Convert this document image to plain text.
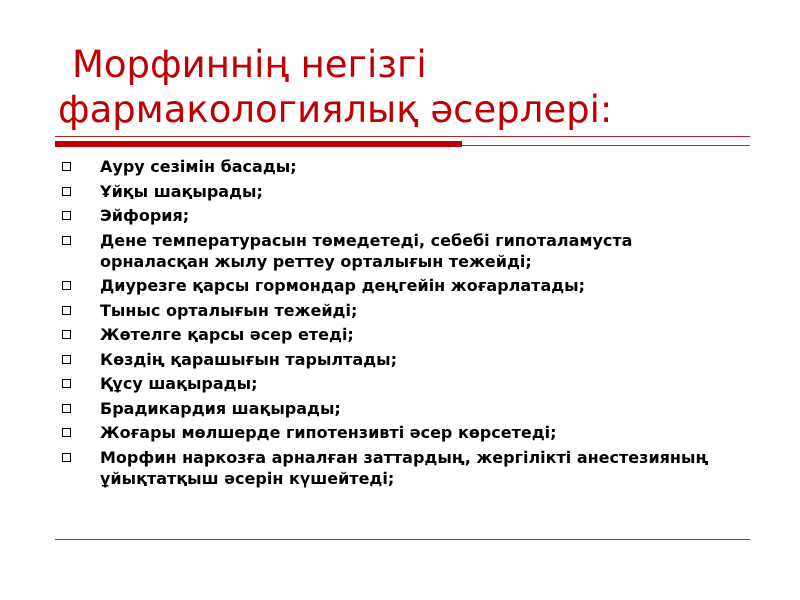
Морфиннің негізгі
фармакологиялық әсерлері:
Ауру сезімін басады;
Ұйқы шақырады;
Эйфория;
Дене температурасын төмедетеді, себебі гипоталамуста орналасқан жылу реттеу орталығын тежейді;
Диурезге қарсы гормондар деңгейін жоғарлатады;
Тыныс орталығын тежейді;
Жөтелге қарсы әсер етеді;
Көздің қарашығын тарылтады;
Құсу шақырады;
Брадикардия шақырады;
Жоғары мөлшерде гипотензивті әсер көрсетеді;
Морфин наркозға арналған заттардың, жергілікті анестезияның ұйықтатқыш әсерін күшейтеді;
